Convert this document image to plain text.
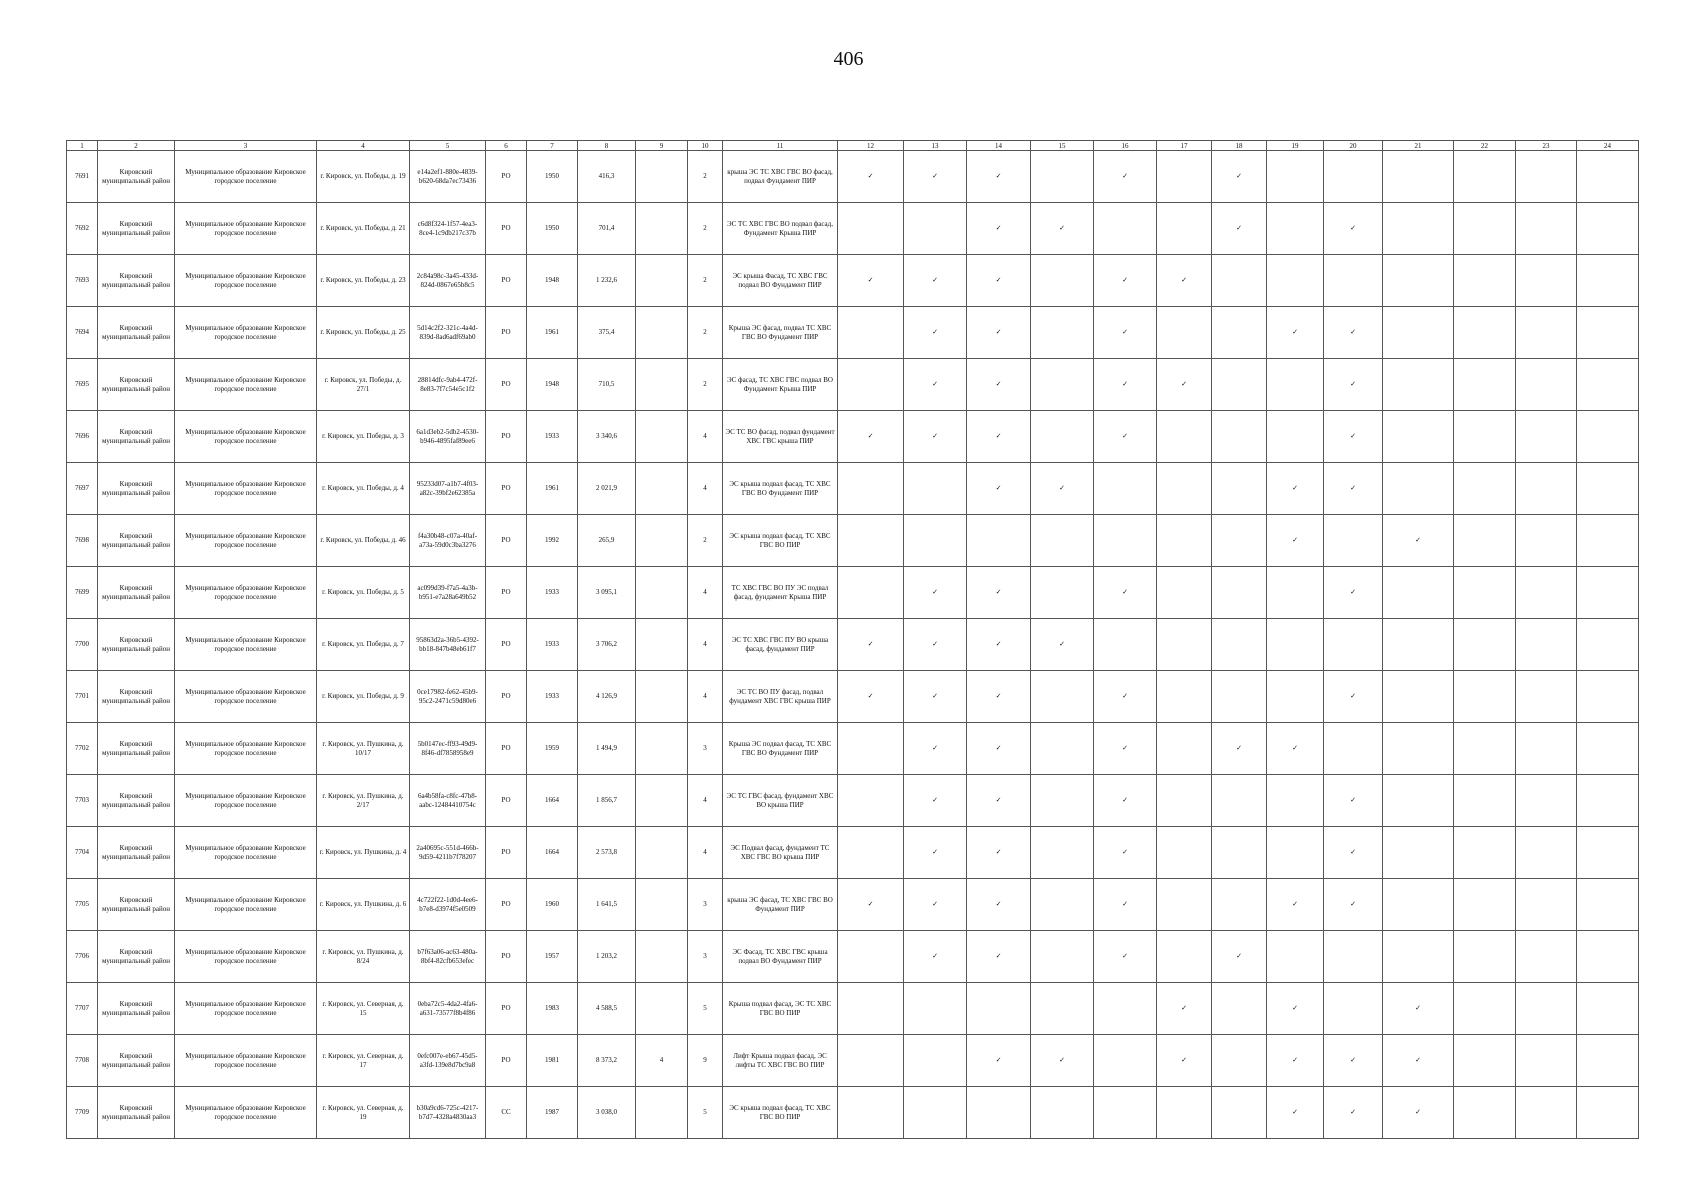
406
1	2	3	4	5	6	7	8	9	10	11	12	13	14	15	16	17	18	19	20	21	22	23	24
7691	Кировский муниципальный район	Муниципальное образование Кировское городское поселение	г. Кировск, ул. Победы, д. 19	e14a2ef1-880e-4839-b620-68da7ec73436	РО	1950	416,3		2	крыша ЭС ТС ХВС ГВС ВО фасад, подвал Фундамент ПИР	✓	✓	✓		✓		✓						
7692	Кировский муниципальный район	Муниципальное образование Кировское городское поселение	г. Кировск, ул. Победы, д. 21	c6d8f324-1f57-4ea3-8ce4-1c9db217c37b	РО	1950	701,4		2	ЭС ТС ХВС ГВС ВО подвал фасад, Фундамент Крыша ПИР			✓	✓			✓		✓				
7693	Кировский муниципальный район	Муниципальное образование Кировское городское поселение	г. Кировск, ул. Победы, д. 23	2c84a98c-3a45-433d-824d-0867e65b8c5	РО	1948	1 232,6		2	ЭС крыша Фасад, ТС ХВС ГВС подвал ВО Фундамент ПИР	✓	✓	✓		✓	✓							
7694	Кировский муниципальный район	Муниципальное образование Кировское городское поселение	г. Кировск, ул. Победы, д. 25	5d14c2f2-321c-4a4d-839d-8ad6adf69ab0	РО	1961	375,4		2	Крыша ЭС фасад, подвал ТС ХВС ГВС ВО Фундамент ПИР		✓	✓		✓			✓	✓				
7695	Кировский муниципальный район	Муниципальное образование Кировское городское поселение	г. Кировск, ул. Победы, д. 27/1	28814dfc-9ab4-472f-8e83-7f7c54e5c1f2	РО	1948	710,5		2	ЭС фасад, ТС ХВС ГВС подвал ВО Фундамент Крыша ПИР		✓	✓		✓	✓			✓				
7696	Кировский муниципальный район	Муниципальное образование Кировское городское поселение	г. Кировск, ул. Победы, д. 3	6a1d3eb2-5db2-4530-b946-4895faf89ee6	РО	1933	3 340,6		4	ЭС ТС ВО фасад, подвал фундамент ХВС ГВС крыша ПИР	✓	✓	✓		✓				✓				
7697	Кировский муниципальный район	Муниципальное образование Кировское городское поселение	г. Кировск, ул. Победы, д. 4	95233d07-a1b7-4f03-a82c-39bf2e62385a	РО	1961	2 021,9		4	ЭС крыша подвал фасад, ТС ХВС ГВС ВО Фундамент ПИР			✓	✓				✓	✓				
7698	Кировский муниципальный район	Муниципальное образование Кировское городское поселение	г. Кировск, ул. Победы, д. 46	f4a30b48-c07a-40af-a73a-59d0c3ba3276	РО	1992	265,9		2	ЭС крыша подвал фасад, ТС ХВС ГВС ВО ПИР								✓		✓			
7699	Кировский муниципальный район	Муниципальное образование Кировское городское поселение	г. Кировск, ул. Победы, д. 5	ac099d39-f7a5-4a3b-b951-e7a28a649b52	РО	1933	3 095,1		4	ТС ХВС ГВС ВО ПУ ЭС подвал фасад, фундамент Крыша ПИР		✓	✓		✓				✓				
7700	Кировский муниципальный район	Муниципальное образование Кировское городское поселение	г. Кировск, ул. Победы, д. 7	95863d2a-36b5-4392-bb18-847b48eb61f7	РО	1933	3 706,2		4	ЭС ТС ХВС ГВС ПУ ВО крыша фасад, фундамент ПИР	✓	✓	✓	✓									
7701	Кировский муниципальный район	Муниципальное образование Кировское городское поселение	г. Кировск, ул. Победы, д. 9	0ce17982-fe62-45b9-95c2-2471c59d80e6	РО	1933	4 126,9		4	ЭС ТС ВО ПУ фасад, подвал фундамент ХВС ГВС крыша ПИР	✓	✓	✓		✓				✓				
7702	Кировский муниципальный район	Муниципальное образование Кировское городское поселение	г. Кировск, ул. Пушкина, д. 10/17	5b0147ec-ff93-49d9-8f46-df7858958e9	РО	1959	1 494,9		3	Крыша ЭС подвал фасад, ТС ХВС ГВС ВО Фундамент ПИР		✓	✓		✓		✓	✓					
7703	Кировский муниципальный район	Муниципальное образование Кировское городское поселение	г. Кировск, ул. Пушкина, д. 2/17	6a4b58fa-c8fc-47b8-aabc-12484410754c	РО	1664	1 856,7		4	ЭС ТС ГВС фасад, фундамент ХВС ВО крыша ПИР		✓	✓		✓				✓				
7704	Кировский муниципальный район	Муниципальное образование Кировское городское поселение	г. Кировск, ул. Пушкина, д. 4	2a40695c-551d-466b-9d59-4211b7f78207	РО	1664	2 573,8		4	ЭС Подвал фасад, фундамент ТС ХВС ГВС ВО крыша ПИР		✓	✓		✓				✓				
7705	Кировский муниципальный район	Муниципальное образование Кировское городское поселение	г. Кировск, ул. Пушкина, д. 6	4c722f22-1d0d-4ee6-b7e8-d3974f5e0509	РО	1960	1 641,5		3	крыша ЭС фасад, ТС ХВС ГВС ВО Фундамент ПИР	✓	✓	✓		✓			✓	✓				
7706	Кировский муниципальный район	Муниципальное образование Кировское городское поселение	г. Кировск, ул. Пушкина, д. 8/24	b7f63a06-ac63-480a-8bf4-82cfb653efec	РО	1957	1 203,2		3	ЭС Фасад, ТС ХВС ГВС крыша подвал ВО Фундамент ПИР		✓	✓		✓		✓						
7707	Кировский муниципальный район	Муниципальное образование Кировское городское поселение	г. Кировск, ул. Северная, д. 15	0eba72c5-4da2-4fa6-a631-73577f8b4f86	РО	1983	4 588,5		5	Крыша подвал фасад, ЭС ТС ХВС ГВС ВО ПИР						✓		✓		✓			
7708	Кировский муниципальный район	Муниципальное образование Кировское городское поселение	г. Кировск, ул. Северная, д. 17	0efc007e-eb67-45d5-a3fd-139e8d7bc9a8	РО	1981	8 373,2	4	9	Лифт Крыша подвал фасад, ЭС лифты ТС ХВС ГВС ВО ПИР			✓	✓		✓		✓	✓	✓			
7709	Кировский муниципальный район	Муниципальное образование Кировское городское поселение	г. Кировск, ул. Северная, д. 19	b30a9cd6-725c-4217-b7d7-4328a4830aa3	СС	1987	3 038,0		5	ЭС крыша подвал фасад, ТС ХВС ГВС ВО ПИР								✓	✓	✓			
